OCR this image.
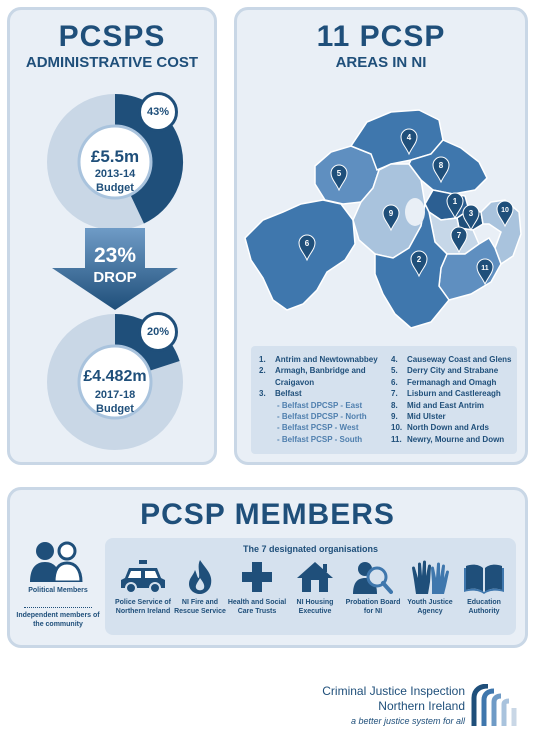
PCSPS
ADMINISTRATIVE COST
43%
£5.5m
2013-14
Budget
23%
DROP
20%
£4.482m
2017-18
Budget
11 PCSP
AREAS IN NI
4
5
8
1
3	10
9
6
7
2
11
1. Antrim and Newtownabbey
2. Armagh, Banbridge and
Craigavon
3. Belfast
- Belfast DPCSP - East
- Belfast DPCSP - North
- Belfast PCSP - West
- Belfast PCSP - South
4. Causeway Coast and Glens
5. Derry City and Strabane
6. Fermanagh and Omagh
7. Lisburn and Castlereagh
8. Mid and East Antrim
9. Mid Ulster
10. North Down and Ards
11. Newry, Mourne and Down
PCSP MEMBERS
Political Members
Independent members of the community
The 7 designated organisations
Police Service of Northern Ireland
NI Fire and Rescue Service
Health and Social Care Trusts
NI Housing Executive
Probation Board for NI
Youth Justice Agency
Education Authority
Criminal Justice Inspection
Northern Ireland
a better justice system for all
